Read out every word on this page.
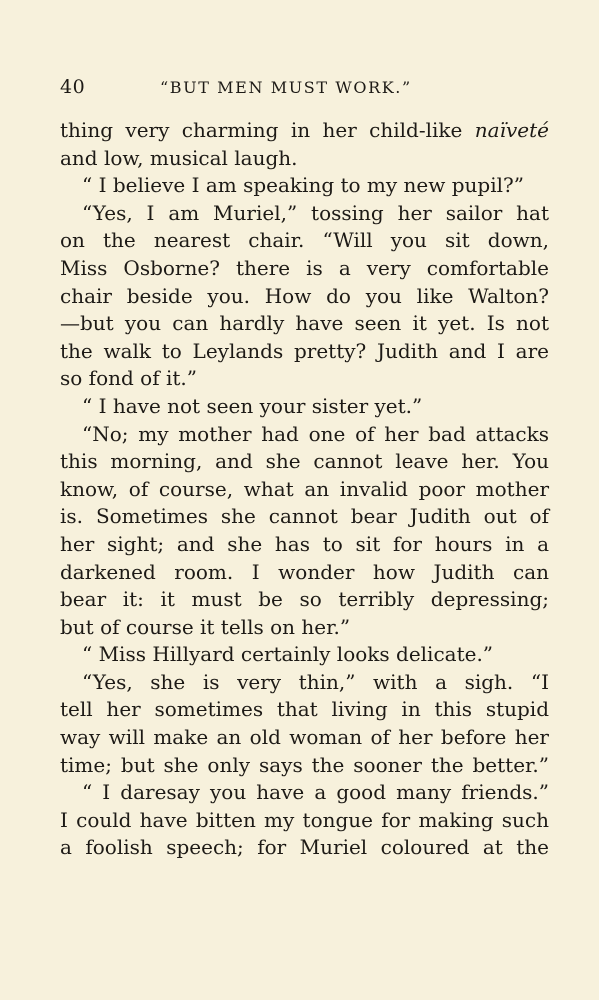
40	“BUT MEN MUST WORK.”
thing very charming in her child-like naïveté
and low, musical laugh.
“ I believe I am speaking to my new pupil?”
“Yes, I am Muriel,” tossing her sailor hat
on the nearest chair. “Will you sit down,
Miss Osborne? there is a very comfortable
chair beside you. How do you like Walton?
—but you can hardly have seen it yet. Is not
the walk to Leylands pretty? Judith and I are
so fond of it.”
“ I have not seen your sister yet.”
“No; my mother had one of her bad attacks
this morning, and she cannot leave her. You
know, of course, what an invalid poor mother
is. Sometimes she cannot bear Judith out of
her sight; and she has to sit for hours in a
darkened room. I wonder how Judith can
bear it: it must be so terribly depressing;
but of course it tells on her.”
“ Miss Hillyard certainly looks delicate.”
“Yes, she is very thin,” with a sigh. “I
tell her sometimes that living in this stupid
way will make an old woman of her before her
time; but she only says the sooner the better.”
“ I daresay you have a good many friends.”
I could have bitten my tongue for making such
a foolish speech; for Muriel coloured at the
